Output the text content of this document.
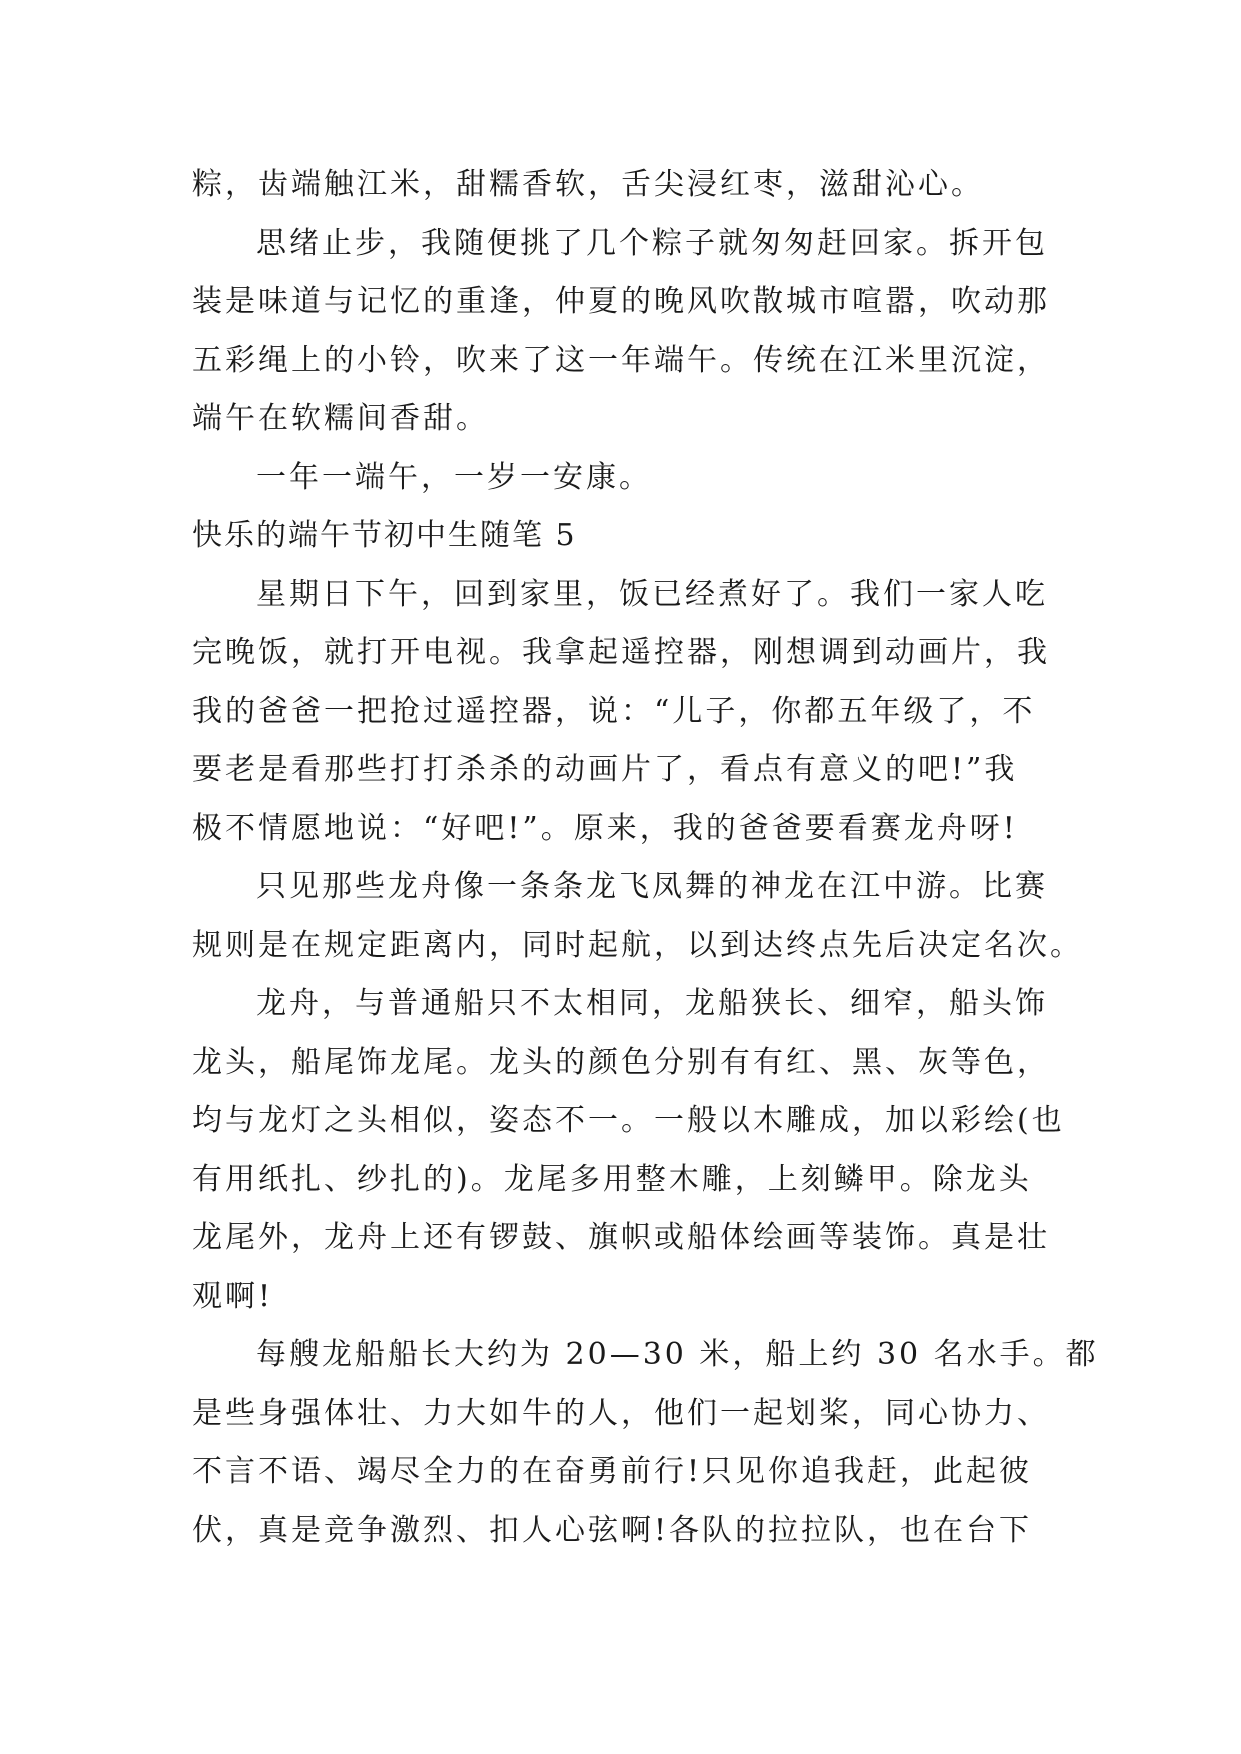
粽，齿端触江米，甜糯香软，舌尖浸红枣，滋甜沁心。
思绪止步，我随便挑了几个粽子就匆匆赶回家。拆开包
装是味道与记忆的重逢，仲夏的晚风吹散城市喧嚣，吹动那
五彩绳上的小铃，吹来了这一年端午。传统在江米里沉淀，
端午在软糯间香甜。
一年一端午，一岁一安康。
快乐的端午节初中生随笔 5
星期日下午，回到家里，饭已经煮好了。我们一家人吃
完晚饭，就打开电视。我拿起遥控器，刚想调到动画片，我
我的爸爸一把抢过遥控器，说：“儿子，你都五年级了，不
要老是看那些打打杀杀的动画片了，看点有意义的吧!”我
极不情愿地说：“好吧!”。原来，我的爸爸要看赛龙舟呀!
只见那些龙舟像一条条龙飞凤舞的神龙在江中游。比赛
规则是在规定距离内，同时起航，以到达终点先后决定名次。
龙舟，与普通船只不太相同，龙船狭长、细窄，船头饰
龙头，船尾饰龙尾。龙头的颜色分别有有红、黑、灰等色，
均与龙灯之头相似，姿态不一。一般以木雕成，加以彩绘(也
有用纸扎、纱扎的)。龙尾多用整木雕，上刻鳞甲。除龙头
龙尾外，龙舟上还有锣鼓、旗帜或船体绘画等装饰。真是壮
观啊!
每艘龙船船长大约为 20—30 米，船上约 30 名水手。都
是些身强体壮、力大如牛的人，他们一起划桨，同心协力、
不言不语、竭尽全力的在奋勇前行!只见你追我赶，此起彼
伏，真是竞争激烈、扣人心弦啊!各队的拉拉队，也在台下
